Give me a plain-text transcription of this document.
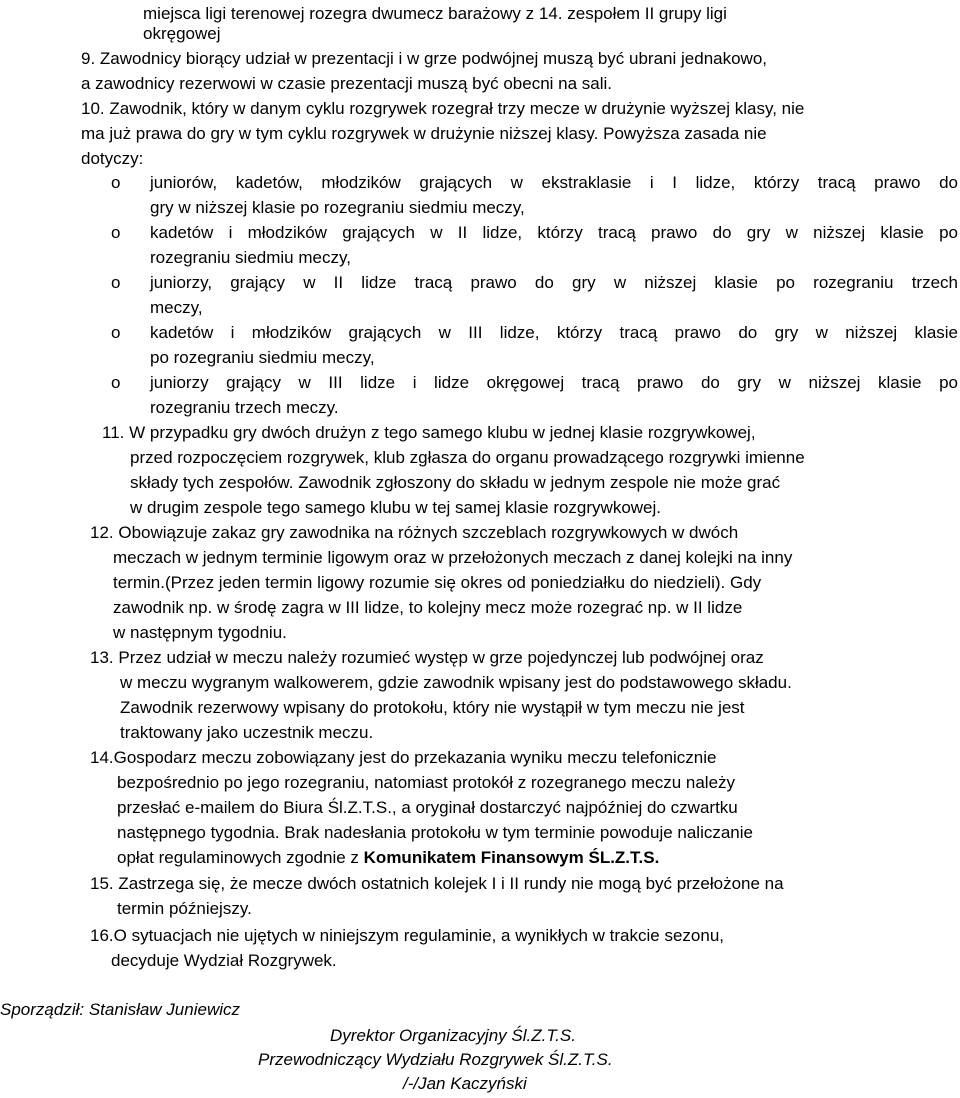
miejsca ligi terenowej rozegra dwumecz barażowy z 14. zespołem II grupy ligi

okręgowej

9. Zawodnicy biorący udział w prezentacji i w grze podwójnej muszą być ubrani jednakowo,

a zawodnicy rezerwowi w czasie prezentacji muszą być obecni na sali.

10. Zawodnik, który w danym cyklu rozgrywek rozegrał trzy mecze w drużynie wyższej klasy, nie

ma już prawa do gry w tym cyklu rozgrywek w drużynie niższej klasy. Powyższa zasada nie

dotyczy:

o juniorów, kadetów, młodzików grających w ekstraklasie i I lidze, którzy tracą prawo do

gry w niższej klasie po rozegraniu siedmiu meczy,

o kadetów i młodzików grających w II lidze, którzy tracą prawo do gry w niższej klasie po

rozegraniu siedmiu meczy,

o juniorzy, grający w II lidze tracą prawo do gry w niższej klasie po rozegraniu trzech

meczy,

o kadetów i młodzików grających w III lidze, którzy tracą prawo do gry w niższej klasie

po rozegraniu siedmiu meczy,

o juniorzy grający w III lidze i lidze okręgowej tracą prawo do gry w niższej klasie po

rozegraniu trzech meczy.

11. W przypadku gry dwóch drużyn z tego samego klubu w jednej klasie rozgrywkowej,

przed rozpoczęciem rozgrywek, klub zgłasza do organu prowadzącego rozgrywki imienne

składy tych zespołów. Zawodnik zgłoszony do składu w jednym zespole nie może grać

w drugim zespole tego samego klubu w tej samej klasie rozgrywkowej.

12. Obowiązuje zakaz gry zawodnika na różnych szczeblach rozgrywkowych w dwóch

meczach w jednym terminie ligowym oraz w przełożonych meczach z danej kolejki na inny

termin.(Przez jeden termin ligowy rozumie się okres od poniedziałku do niedzieli). Gdy

zawodnik np. w środę zagra w III lidze, to kolejny mecz może rozegrać np. w II lidze

w następnym tygodniu.

13. Przez udział w meczu należy rozumieć występ w grze pojedynczej lub podwójnej oraz

w meczu wygranym walkowerem, gdzie zawodnik wpisany jest do podstawowego składu.

Zawodnik rezerwowy wpisany do protokołu, który nie wystąpił w tym meczu nie jest

traktowany jako uczestnik meczu.

14.Gospodarz meczu zobowiązany jest do przekazania wyniku meczu telefonicznie

bezpośrednio po jego rozegraniu, natomiast protokół z rozegranego meczu należy

przesłać e-mailem do Biura Śl.Z.T.S., a oryginał dostarczyć najpóźniej do czwartku

następnego tygodnia. Brak nadesłania protokołu w tym terminie powoduje naliczanie

opłat regulaminowych zgodnie z Komunikatem Finansowym ŚL.Z.T.S.

15. Zastrzega się, że mecze dwóch ostatnich kolejek I i II rundy nie mogą być przełożone na

termin późniejszy.

16.O sytuacjach nie ujętych w niniejszym regulaminie, a wynikłych w trakcie sezonu,

decyduje Wydział Rozgrywek.

Sporządził: Stanisław Juniewicz

Dyrektor Organizacyjny Śl.Z.T.S.

Przewodniczący Wydziału Rozgrywek Śl.Z.T.S.

/-/Jan Kaczyński
